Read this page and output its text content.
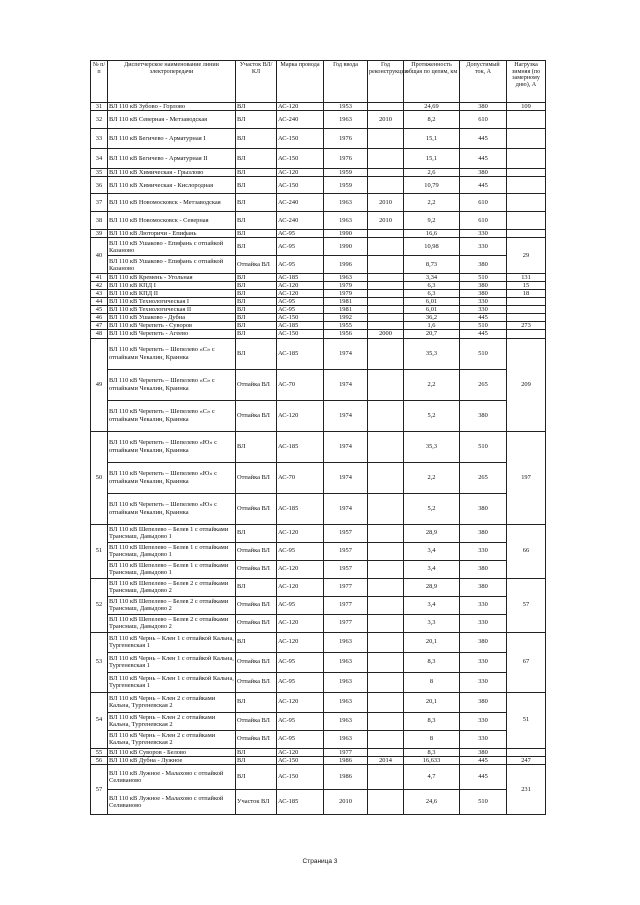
№ п/п	Диспетчерское наименование линии электропередачи	Участок ВЛ/КЛ	Марка провода	Год ввода	Год реконструкции	Протяженность общая по цепям, км	Допустимый ток, А	Нагрузка зимняя (по замерному дню), А
31	ВЛ 110 кВ Зубово - Горлово	ВЛ	АС-120	1953		24,69	380	109
32	ВЛ 110 кВ Северная - Метзаводская	ВЛ	АС-240	1963	2010	8,2	610	
33	ВЛ 110 кВ Бегичево - Арматурная I	ВЛ	АС-150	1976		15,1	445	
34	ВЛ 110 кВ Бегичево - Арматурная II	ВЛ	АС-150	1976		15,1	445	
35	ВЛ 110 кВ Химическая - Грызлово	ВЛ	АС-120	1959		2,6	380	
36	ВЛ 110 кВ Химическая - Кислородная	ВЛ	АС-150	1959		10,79	445	
37	ВЛ 110 кВ Новомосковск - Метзаводская	ВЛ	АС-240	1963	2010	2,2	610	
38	ВЛ 110 кВ Новомосковск - Северная	ВЛ	АС-240	1963	2010	9,2	610	
39	ВЛ 110 кВ Люторичи - Епифань	ВЛ	АС-95	1990		16,6	330	
40	ВЛ 110 кВ Ушаково - Епифань с отпайкой Казаново	ВЛ	АС-95	1990		10,98	330	29
	ВЛ 110 кВ Ушаково - Епифань с отпайкой Казаново	Отпайка ВЛ	АС-95	1996		8,73	380	
41	ВЛ 110 кВ Кремень - Угольная	ВЛ	АС-185	1963		3,34	510	131
42	ВЛ 110 кВ КПД I	ВЛ	АС-120	1979		6,3	380	15
43	ВЛ 110 кВ КПД II	ВЛ	АС-120	1979		6,3	380	18
44	ВЛ 110 кВ Технологическая I	ВЛ	АС-95	1981		6,01	330	
45	ВЛ 110 кВ Технологическая II	ВЛ	АС-95	1981		6,01	330	
46	ВЛ 110 кВ Ушаково - Дубна	ВЛ	АС-150	1992		36,2	445	
47	ВЛ 110 кВ Черепеть - Суворов	ВЛ	АС-185	1955		1,6	510	273
48	ВЛ 110 кВ Черепеть - Агеево	ВЛ	АС-150	1956	2000	20,7	445	
49	ВЛ 110 кВ Черепеть – Шепелево «С» с отпайками Чекалин, Краинка	ВЛ	АС-185	1974		35,3	510	209
	ВЛ 110 кВ Черепеть – Шепелево «С» с отпайками Чекалин, Краинка	Отпайка ВЛ	АС-70	1974		2,2	265	
	ВЛ 110 кВ Черепеть – Шепелево «С» с отпайками Чекалин, Краинка	Отпайка ВЛ	АС-120	1974		5,2	380	
50	ВЛ 110 кВ Черепеть – Шепелево «Ю» с отпайками Чекалин, Краинка	ВЛ	АС-185	1974		35,3	510	197
	ВЛ 110 кВ Черепеть – Шепелево «Ю» с отпайками Чекалин, Краинка	Отпайка ВЛ	АС-70	1974		2,2	265	
	ВЛ 110 кВ Черепеть – Шепелево «Ю» с отпайками Чекалин, Краинка	Отпайка ВЛ	АС-185	1974		5,2	380	
51	ВЛ 110 кВ Шепелево – Белев 1 с отпайками Трансмаш, Давыдово 1	ВЛ	АС-120	1957		28,9	380	66
	ВЛ 110 кВ Шепелево – Белев 1 с отпайками Трансмаш, Давыдово 1	Отпайка ВЛ	АС-95	1957		3,4	330	
	ВЛ 110 кВ Шепелево – Белев 1 с отпайками Трансмаш, Давыдово 1	Отпайка ВЛ	АС-120	1957		3,4	380	
52	ВЛ 110 кВ Шепелево – Белев 2 с отпайками Трансмаш, Давыдово 2	ВЛ	АС-120	1977		28,9	380	57
	ВЛ 110 кВ Шепелево – Белев 2 с отпайками Трансмаш, Давыдово 2	Отпайка ВЛ	АС-95	1977		3,4	330	
	ВЛ 110 кВ Шепелево – Белев 2 с отпайками Трансмаш, Давыдово 2	Отпайка ВЛ	АС-120	1977		3,3	330	
53	ВЛ 110 кВ Чернь – Клен 1 с отпайкой Кальна, Тургеневская 1	ВЛ	АС-120	1963		20,1	380	67
	ВЛ 110 кВ Чернь – Клен 1 с отпайкой Кальна, Тургеневская 1	Отпайка ВЛ	АС-95	1963		8,3	330	
	ВЛ 110 кВ Чернь – Клен 1 с отпайкой Кальна, Тургеневская 1	Отпайка ВЛ	АС-95	1963		8	330	
54	ВЛ 110 кВ Чернь – Клен 2 с отпайками Кальна, Тургеневская 2	ВЛ	АС-120	1963		20,1	380	51
	ВЛ 110 кВ Чернь – Клен 2 с отпайками Кальна, Тургеневская 2	Отпайка ВЛ	АС-95	1963		8,3	330	
	ВЛ 110 кВ Чернь – Клен 2 с отпайками Кальна, Тургеневская 2	Отпайка ВЛ	АС-95	1963		8	330	
55	ВЛ 110 кВ Суворов - Белово	ВЛ	АС-120	1977		8,3	380	
56	ВЛ 110 кВ Дубна - Лужное	ВЛ	АС-150	1986	2014	16,633	445	247
57	ВЛ 110 кВ Лужное - Малахово с отпайкой Селиваново	ВЛ	АС-150	1986		4,7	445	231
	ВЛ 110 кВ Лужное - Малахово с отпайкой Селиваново	Участок ВЛ	АС-185	2010		24,6	510	
Страница 3
